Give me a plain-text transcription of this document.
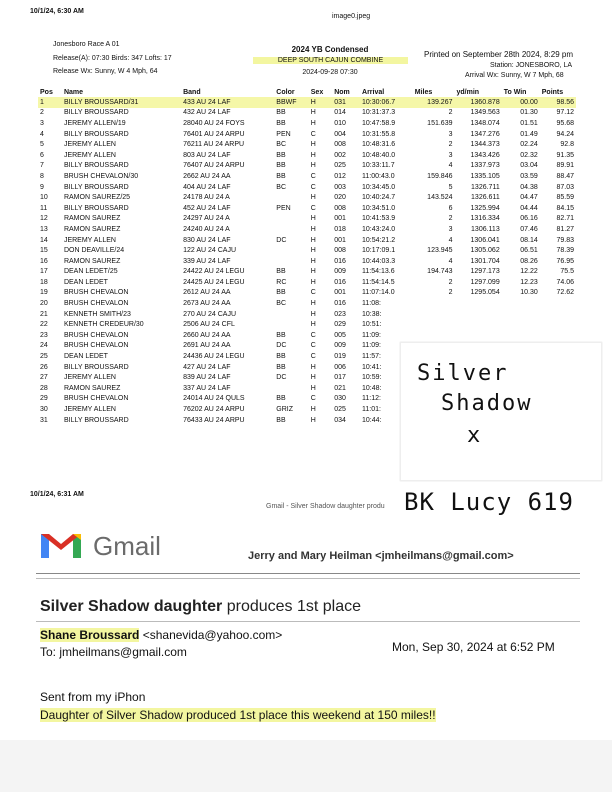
10/1/24, 6:30 AM
image0.jpeg
Jonesboro Race A 01
Release(A): 07:30 Birds: 347 Lofts: 17
Release Wx: Sunny, W 4 Mph, 64
2024 YB Condensed
DEEP SOUTH CAJUN COMBINE
2024-09-28 07:30
Printed on September 28th 2024, 8:29 pm
Station: JONESBORO, LA
Arrival Wx: Sunny, W 7 Mph, 68
Pos	Name	Band	Color	Sex	Nom	Arrival	Miles	yd/min	To Win	Points
1	BILLY BROUSSARD/31	433 AU 24 LAF	BBWF	H	031	10:30:06.7	139.267	1360.878	00.00	98.56
2	BILLY BROUSSARD	432 AU 24 LAF	BB	H	014	10:31:37.3	2	1349.563	01.30	97.12
3	JEREMY ALLEN/19	28040 AU 24 FOYS	BB	H	010	10:47:58.9	151.639	1348.074	01.51	95.68
4	BILLY BROUSSARD	76401 AU 24 ARPU	PEN	C	004	10:31:55.8	3	1347.276	01.49	94.24
5	JEREMY ALLEN	76211 AU 24 ARPU	BC	H	008	10:48:31.6	2	1344.373	02.24	92.8
6	JEREMY ALLEN	803 AU 24 LAF	BB	H	002	10:48:40.0	3	1343.426	02.32	91.35
7	BILLY BROUSSARD	76407 AU 24 ARPU	BB	H	025	10:33:11.7	4	1337.973	03.04	89.91
8	BRUSH CHEVALON/30	2662 AU 24 AA	BB	C	012	11:00:43.0	159.846	1335.105	03.59	88.47
9	BILLY BROUSSARD	404 AU 24 LAF	BC	C	003	10:34:45.0	5	1326.711	04.38	87.03
10	RAMON SAUREZ/25	24178 AU 24 A		H	020	10:40:24.7	143.524	1326.611	04.47	85.59
11	BILLY BROUSSARD	452 AU 24 LAF	PEN	C	008	10:34:51.0	6	1325.994	04.44	84.15
12	RAMON SAUREZ	24297 AU 24 A		H	001	10:41:53.9	2	1316.334	06.16	82.71
13	RAMON SAUREZ	24240 AU 24 A		H	018	10:43:24.0	3	1306.113	07.46	81.27
14	JEREMY ALLEN	830 AU 24 LAF	DC	H	001	10:54:21.2	4	1306.041	08.14	79.83
15	DON DEAVILLE/24	122 AU 24 CAJU		H	008	10:17:09.1	123.945	1305.062	06.51	78.39
16	RAMON SAUREZ	339 AU 24 LAF		H	016	10:44:03.3	4	1301.704	08.26	76.95
17	DEAN LEDET/25	24422 AU 24 LEGU	BB	H	009	11:54:13.6	194.743	1297.173	12.22	75.5
18	DEAN LEDET	24425 AU 24 LEGU	RC	H	016	11:54:14.5	2	1297.099	12.23	74.06
19	BRUSH CHEVALON	2612 AU 24 AA	BB	C	001	11:07:14.0	2	1295.054	10.30	72.62
20	BRUSH CHEVALON	2673 AU 24 AA	BC	H	016	11:08:				
21	KENNETH SMITH/23	270 AU 24 CAJU		H	023	10:38:				
22	KENNETH CREDEUR/30	2506 AU 24 CFL		H	029	10:51:				
23	BRUSH CHEVALON	2660 AU 24 AA	BB	C	005	11:09:				
24	BRUSH CHEVALON	2691 AU 24 AA	DC	C	009	11:09:				
25	DEAN LEDET	24436 AU 24 LEGU	BB	C	019	11:57:				
26	BILLY BROUSSARD	427 AU 24 LAF	BB	H	006	10:41:				
27	JEREMY ALLEN	839 AU 24 LAF	DC	H	017	10:59:				
28	RAMON SAUREZ	337 AU 24 LAF		H	021	10:48:				
29	BRUSH CHEVALON	24014 AU 24 QULS	BB	C	030	11:12:				
30	JEREMY ALLEN	76202 AU 24 ARPU	GRIZ	H	025	11:01:				
31	BILLY BROUSSARD	76433 AU 24 ARPU	BB	H	034	10:44:				
Silver
Shadow
x
BK Lucy 619
10/1/24, 6:31 AM
Gmail - Silver Shadow daughter produ
Gmail	Jerry and Mary Heilman <jmheilmans@gmail.com>
Silver Shadow daughter produces 1st place
Shane Broussard <shanevida@yahoo.com>
To: jmheilmans@gmail.com	Mon, Sep 30, 2024 at 6:52 PM
Sent from my iPhon
Daughter of Silver Shadow produced 1st place this weekend at 150 miles!!
